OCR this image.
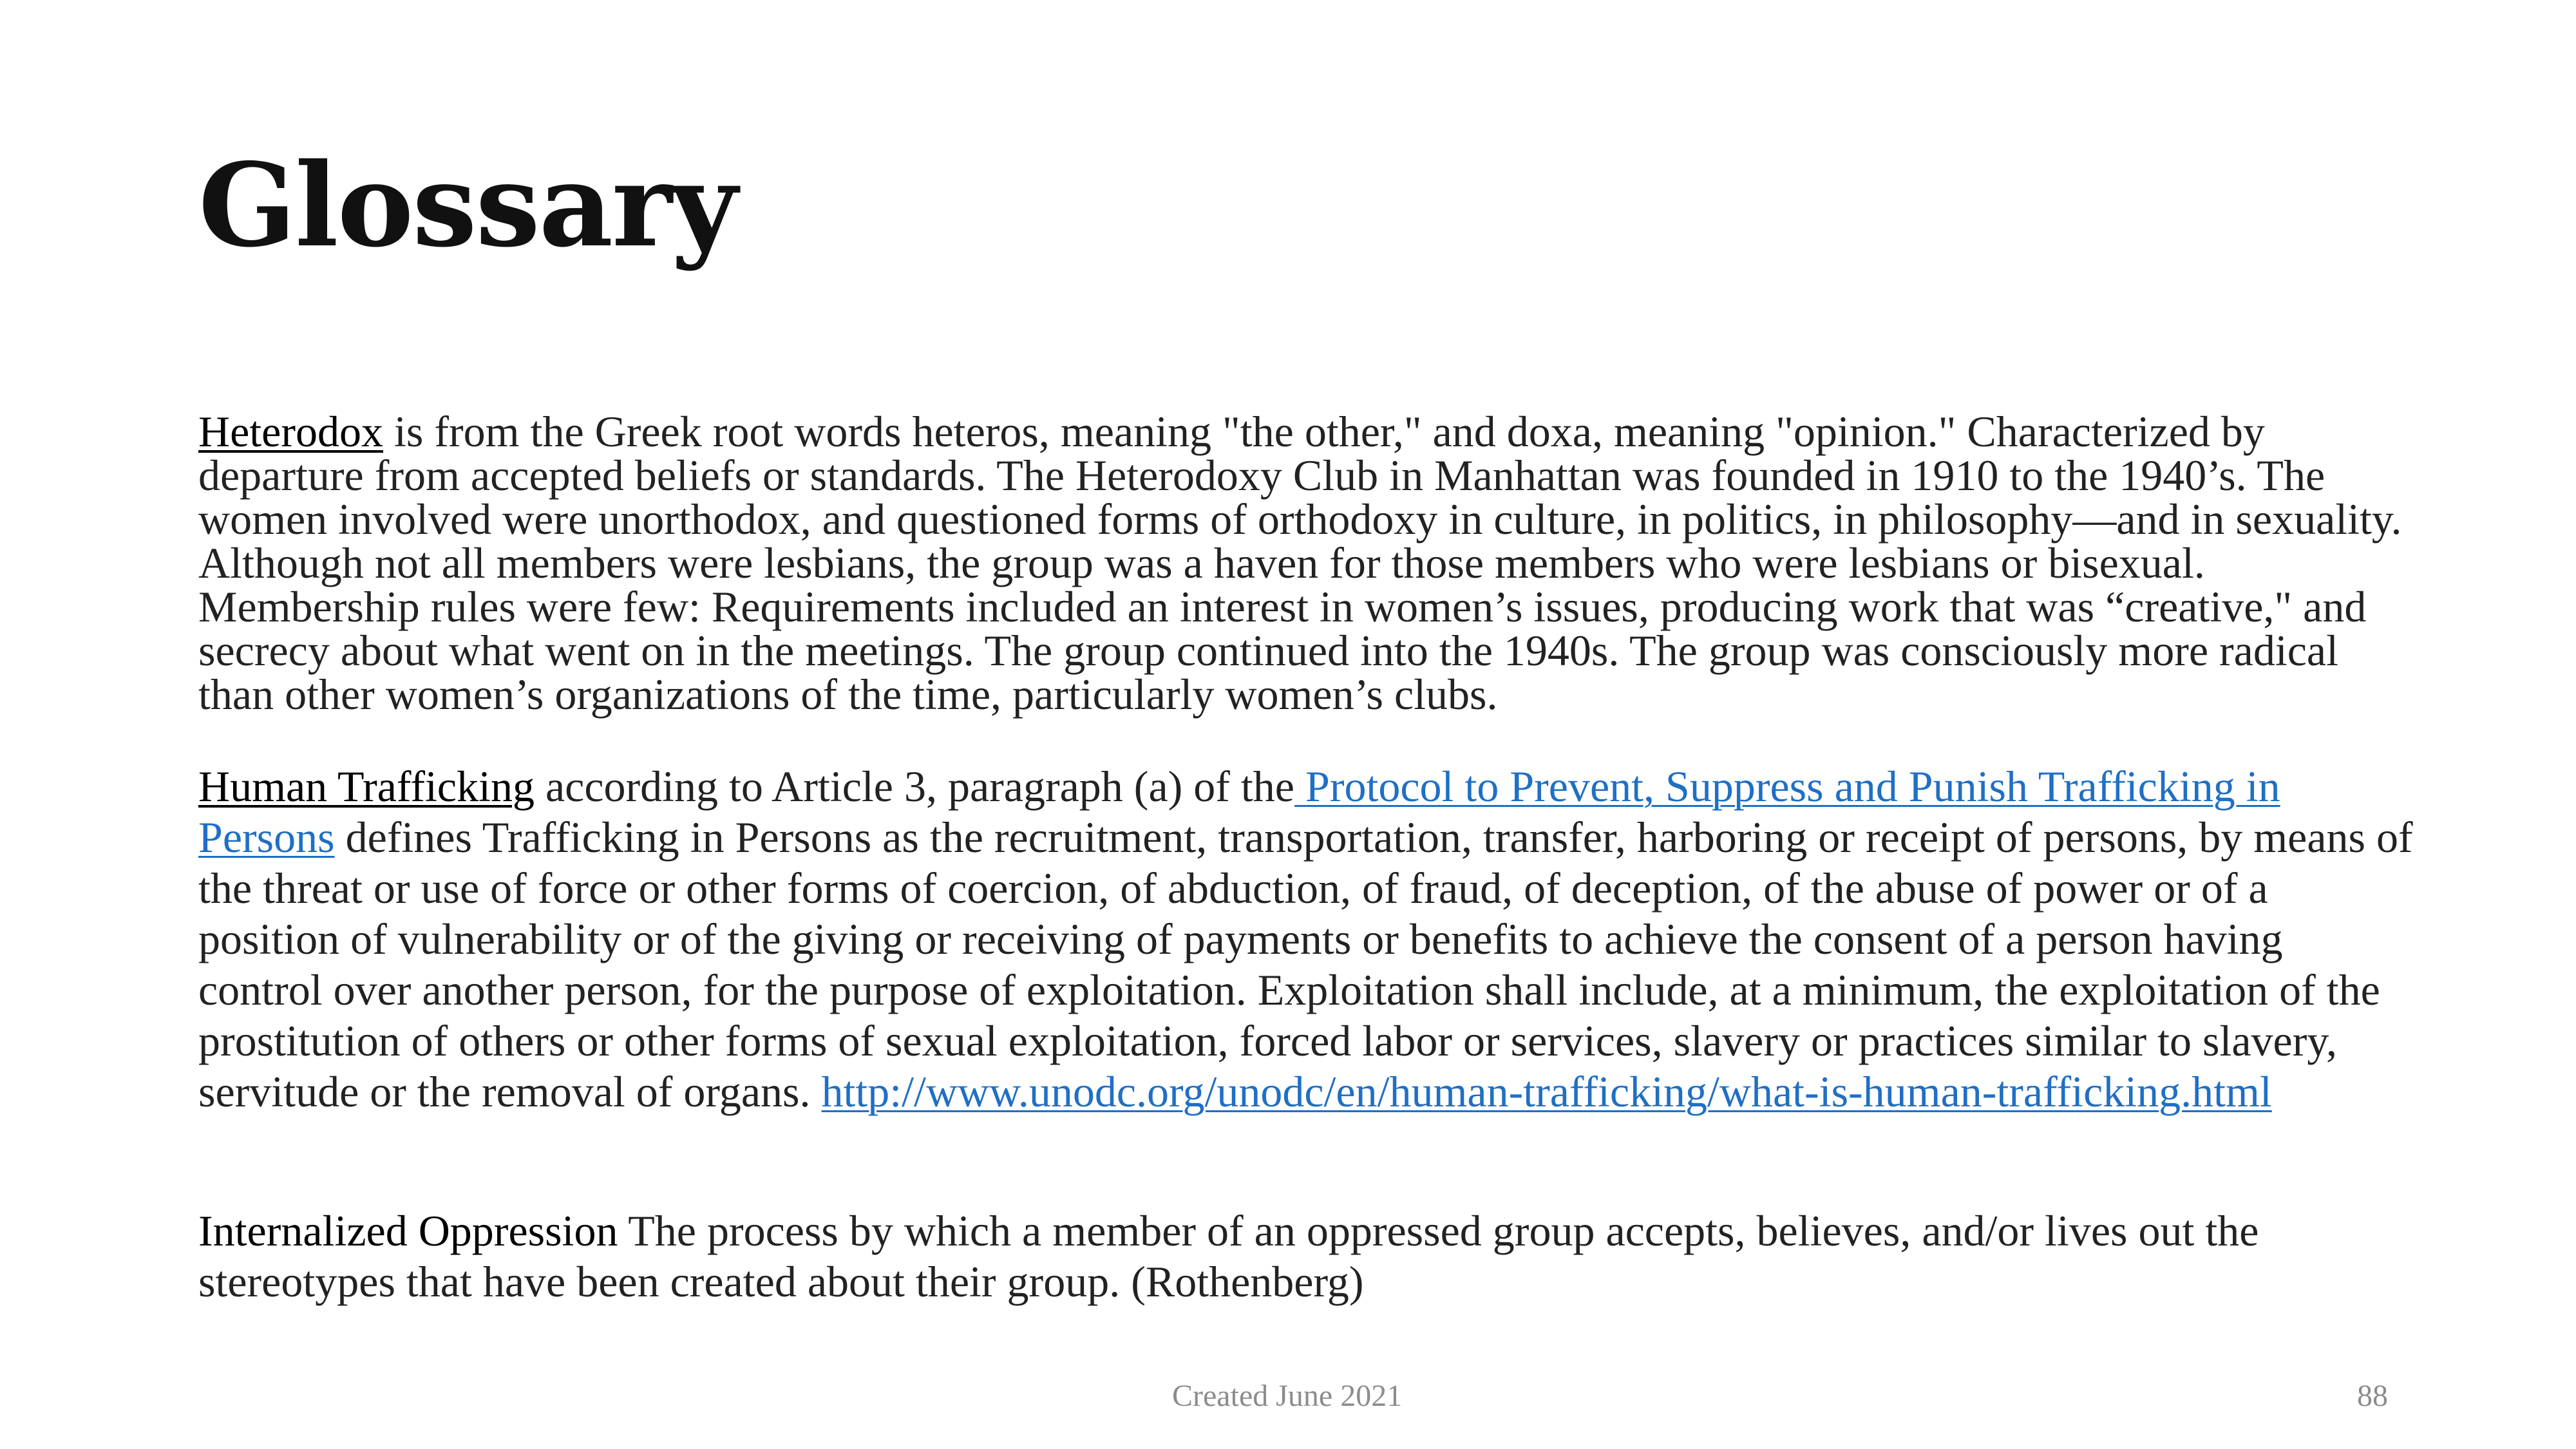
Glossary
Heterodox is from the Greek root words heteros, meaning "the other," and doxa, meaning "opinion." Characterized by departure from accepted beliefs or standards. The Heterodoxy Club in Manhattan was founded in 1910 to the 1940’s. The women involved were unorthodox, and questioned forms of orthodoxy in culture, in politics, in philosophy—and in sexuality. Although not all members were lesbians, the group was a haven for those members who were lesbians or bisexual. Membership rules were few: Requirements included an interest in women’s issues, producing work that was “creative," and secrecy about what went on in the meetings. The group continued into the 1940s. The group was consciously more radical than other women’s organizations of the time, particularly women’s clubs.
Human Trafficking according to Article 3, paragraph (a) of the Protocol to Prevent, Suppress and Punish Trafficking in Persons defines Trafficking in Persons as the recruitment, transportation, transfer, harboring or receipt of persons, by means of the threat or use of force or other forms of coercion, of abduction, of fraud, of deception, of the abuse of power or of a position of vulnerability or of the giving or receiving of payments or benefits to achieve the consent of a person having control over another person, for the purpose of exploitation. Exploitation shall include, at a minimum, the exploitation of the prostitution of others or other forms of sexual exploitation, forced labor or services, slavery or practices similar to slavery, servitude or the removal of organs. http://www.unodc.org/unodc/en/human-trafficking/what-is-human-trafficking.html
Internalized Oppression The process by which a member of an oppressed group accepts, believes, and/or lives out the stereotypes that have been created about their group. (Rothenberg)
Created June 2021	88
